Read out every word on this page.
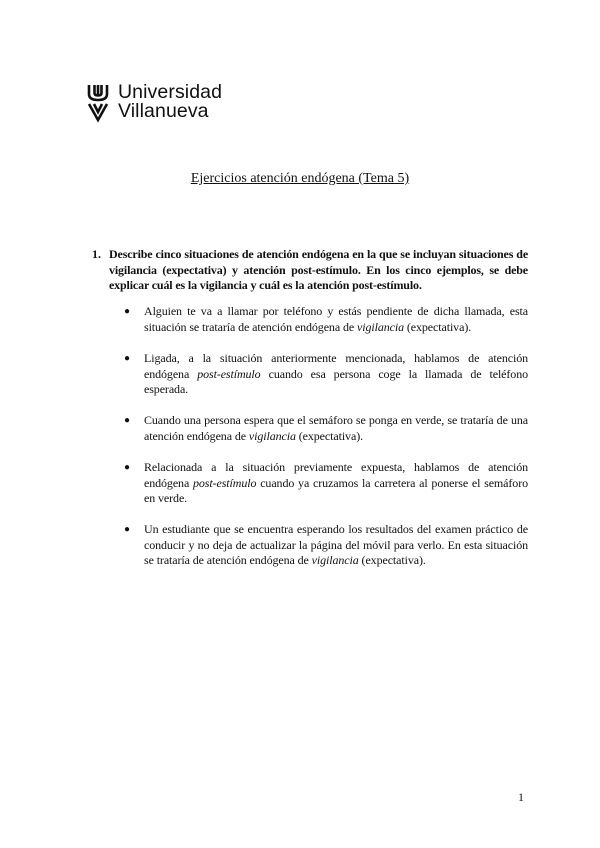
Universidad
Villanueva
Ejercicios atención endógena (Tema 5)
1. Describe cinco situaciones de atención endógena en la que se incluyan situaciones de vigilancia (expectativa) y atención post-estímulo. En los cinco ejemplos, se debe explicar cuál es la vigilancia y cuál es la atención post-estímulo.
● Alguien te va a llamar por teléfono y estás pendiente de dicha llamada, esta situación se trataría de atención endógena de vigilancia (expectativa).
● Ligada, a la situación anteriormente mencionada, hablamos de atención endógena post-estímulo cuando esa persona coge la llamada de teléfono esperada.
● Cuando una persona espera que el semáforo se ponga en verde, se trataría de una atención endógena de vigilancia (expectativa).
● Relacionada a la situación previamente expuesta, hablamos de atención endógena post-estímulo cuando ya cruzamos la carretera al ponerse el semáforo en verde.
● Un estudiante que se encuentra esperando los resultados del examen práctico de conducir y no deja de actualizar la página del móvil para verlo. En esta situación se trataría de atención endógena de vigilancia (expectativa).
1
